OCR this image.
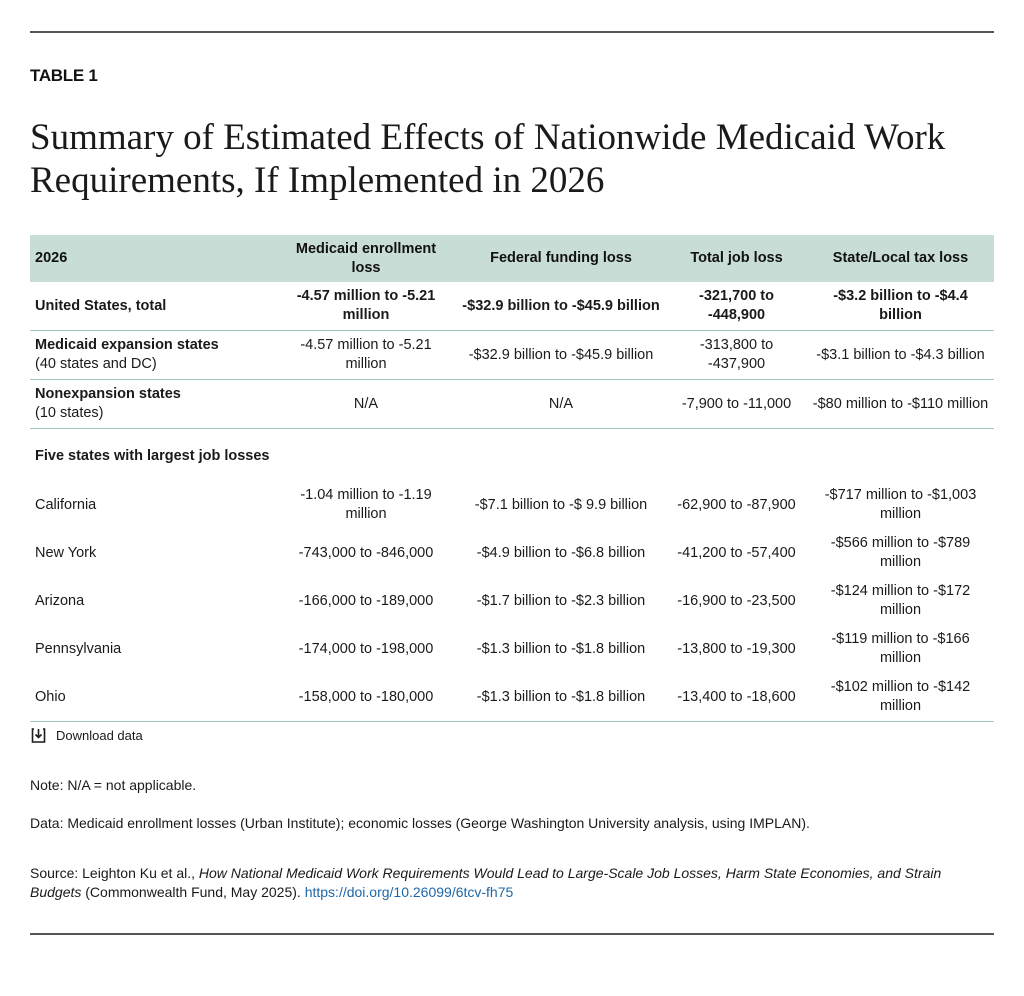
TABLE 1
Summary of Estimated Effects of Nationwide Medicaid Work Requirements, If Implemented in 2026
2026	Medicaid enrollment loss	Federal funding loss	Total job loss	State/Local tax loss
United States, total	-4.57 million to -5.21 million	-$32.9 billion to -$45.9 billion	-321,700 to -448,900	-$3.2 billion to -$4.4 billion
Medicaid expansion states
(40 states and DC)	-4.57 million to -5.21 million	-$32.9 billion to -$45.9 billion	-313,800 to -437,900	-$3.1 billion to -$4.3 billion
Nonexpansion states
(10 states)	N/A	N/A	-7,900 to -11,000	-$80 million to -$110 million
Five states with largest job losses				
California	-1.04 million to -1.19 million	-$7.1 billion to -$ 9.9 billion	-62,900 to -87,900	-$717 million to -$1,003 million
New York	-743,000 to -846,000	-$4.9 billion to -$6.8 billion	-41,200 to -57,400	-$566 million to -$789 million
Arizona	-166,000 to -189,000	-$1.7 billion to -$2.3 billion	-16,900 to -23,500	-$124 million to -$172 million
Pennsylvania	-174,000 to -198,000	-$1.3 billion to -$1.8 billion	-13,800 to -19,300	-$119 million to -$166 million
Ohio	-158,000 to -180,000	-$1.3 billion to -$1.8 billion	-13,400 to -18,600	-$102 million to -$142 million
Download data
Note: N/A = not applicable.
Data: Medicaid enrollment losses (Urban Institute); economic losses (George Washington University analysis, using IMPLAN).
Source: Leighton Ku et al., How National Medicaid Work Requirements Would Lead to Large-Scale Job Losses, Harm State Economies, and Strain Budgets (Commonwealth Fund, May 2025). https://doi.org/10.26099/6tcv-fh75
